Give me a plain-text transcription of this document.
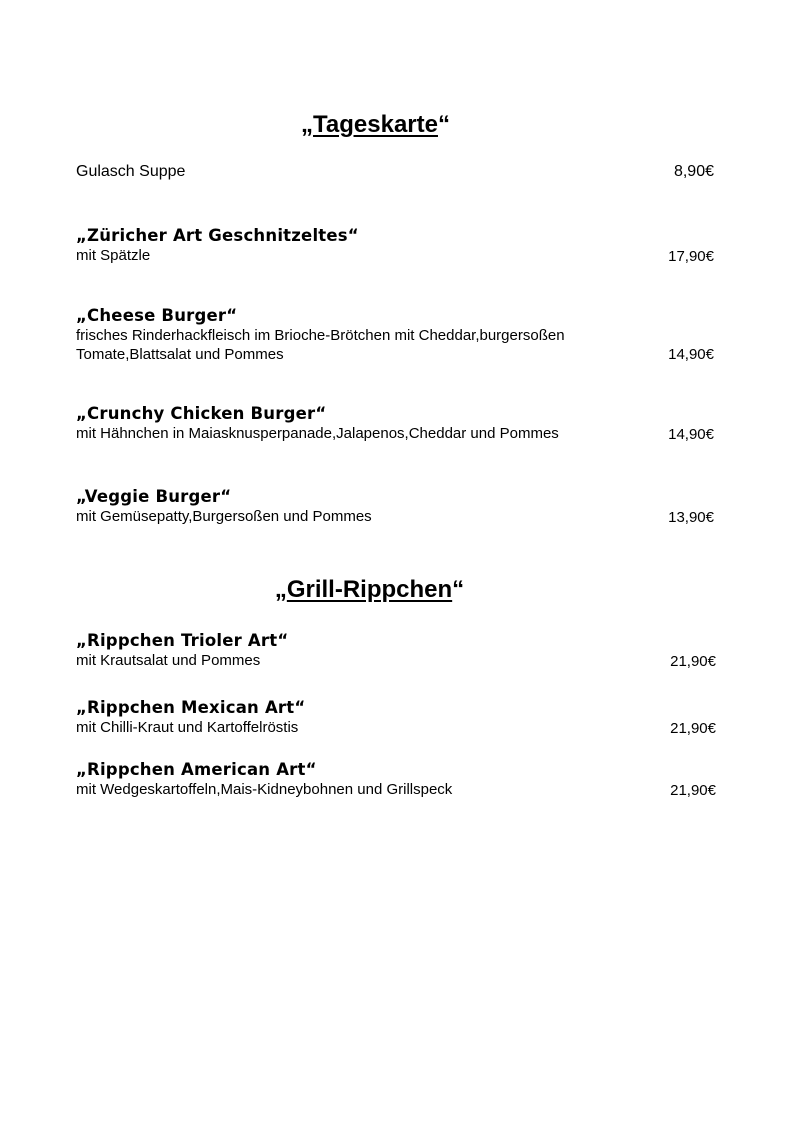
„Tageskarte“
Gulasch Suppe	8,90€
„Züricher Art Geschnitzeltes“
mit Spätzle	17,90€
„Cheese Burger“
frisches Rinderhackfleisch im Brioche-Brötchen mit Cheddar,burgersoßen
Tomate,Blattsalat und Pommes	14,90€
„Crunchy Chicken Burger“
mit Hähnchen in Maiasknusperpanade,Jalapenos,Cheddar und Pommes	14,90€
„Veggie Burger“
mit Gemüsepatty,Burgersoßen und Pommes	13,90€
„Grill-Rippchen“
„Rippchen Trioler Art“
mit Krautsalat und Pommes	21,90€
„Rippchen Mexican Art“
mit Chilli-Kraut und Kartoffelröstis	21,90€
„Rippchen American Art“
mit Wedgeskartoffeln,Mais-Kidneybohnen und Grillspeck	21,90€
